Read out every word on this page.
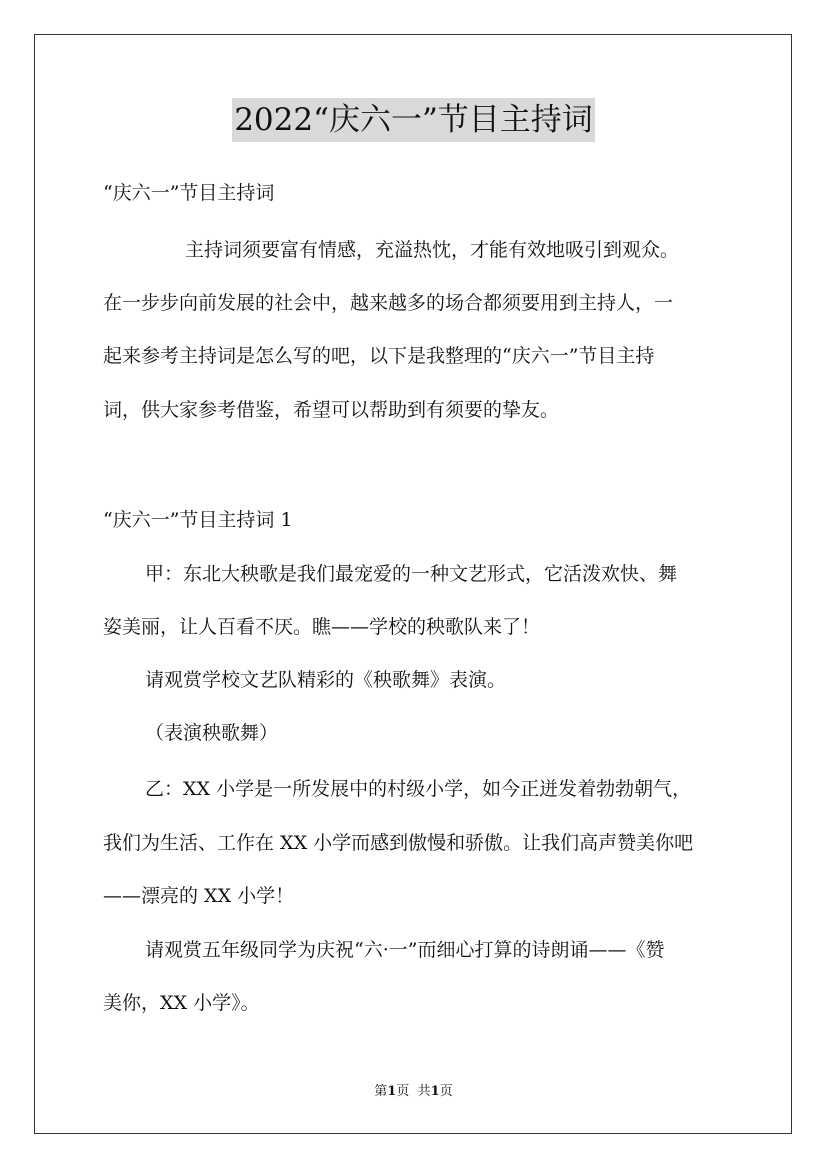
2022“庆六一”节目主持词
“庆六一”节目主持词
主持词须要富有情感，充溢热忱，才能有效地吸引到观众。
在一步步向前发展的社会中，越来越多的场合都须要用到主持人，一
起来参考主持词是怎么写的吧，以下是我整理的“庆六一”节目主持
词，供大家参考借鉴，希望可以帮助到有须要的挚友。
“庆六一”节目主持词 1
甲：东北大秧歌是我们最宠爱的一种文艺形式，它活泼欢快、舞
姿美丽，让人百看不厌。瞧——学校的秧歌队来了！
请观赏学校文艺队精彩的《秧歌舞》表演。
（表演秧歌舞）
乙：XX 小学是一所发展中的村级小学，如今正迸发着勃勃朝气，
我们为生活、工作在 XX 小学而感到傲慢和骄傲。让我们高声赞美你吧
——漂亮的 XX 小学！
请观赏五年级同学为庆祝“六·一”而细心打算的诗朗诵——《赞
美你，XX 小学》。
第1页 共1页
